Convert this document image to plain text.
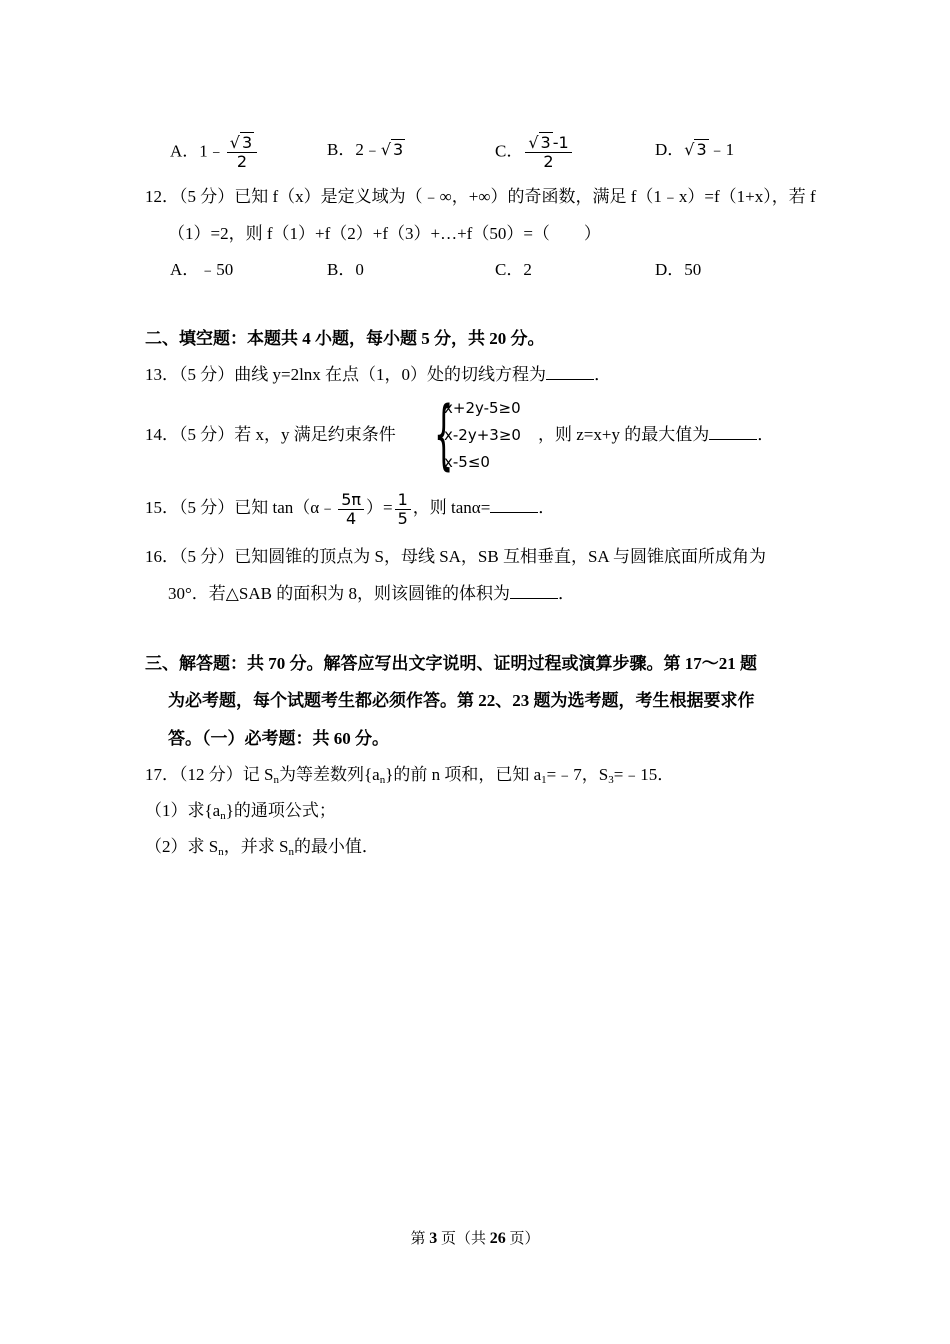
A．1﹣ $\frac{√ 3}{2}$	B．2﹣√ 3	C． $\frac{√ 3 -1}{2}$	D．√ 3 ﹣1
12．（5 分）已知 f（x）是定义域为（﹣∞，+∞）的奇函数，满足 f（1﹣x）=f（1+x），若 f
（1）=2，则 f（1）+f（2）+f（3）+…+f（50）=（　　）
A．﹣50	B．0	C．2	D．50
二、填空题：本题共 4 小题，每小题 5 分，共 20 分。
13．（5 分）曲线 y=2lnx 在点（1，0）处的切线方程为	．
14．（5 分）若 x，y 满足约束条件 {
x+2y-5≥0
x-2y+3≥0
x-5≤0
，则 z=x+y 的最大值为	．
15．（5 分）已知 tan（α﹣ $\frac{5\pi}{4}$ ）= $\frac{1}{5}$ ，则 tanα=	．
16．（5 分）已知圆锥的顶点为 S，母线 SA，SB 互相垂直，SA 与圆锥底面所成角为
30°．若△SAB 的面积为 8，则该圆锥的体积为	．
三、解答题：共 70 分。解答应写出文字说明、证明过程或演算步骤。第 17～21 题
为必考题，每个试题考生都必须作答。第 22、23 题为选考题，考生根据要求作
答。（一）必考题：共 60 分。
17．（12 分）记 $S_n$为等差数列$\{a_n\}$的前 n 项和，已知 $a_1=﹣7$，$S_3=﹣15$．
（1）求$\{a_n\}$的通项公式；
（2）求 $S_n$，并求 $S_n$的最小值．
第 3 页（共 26 页）
